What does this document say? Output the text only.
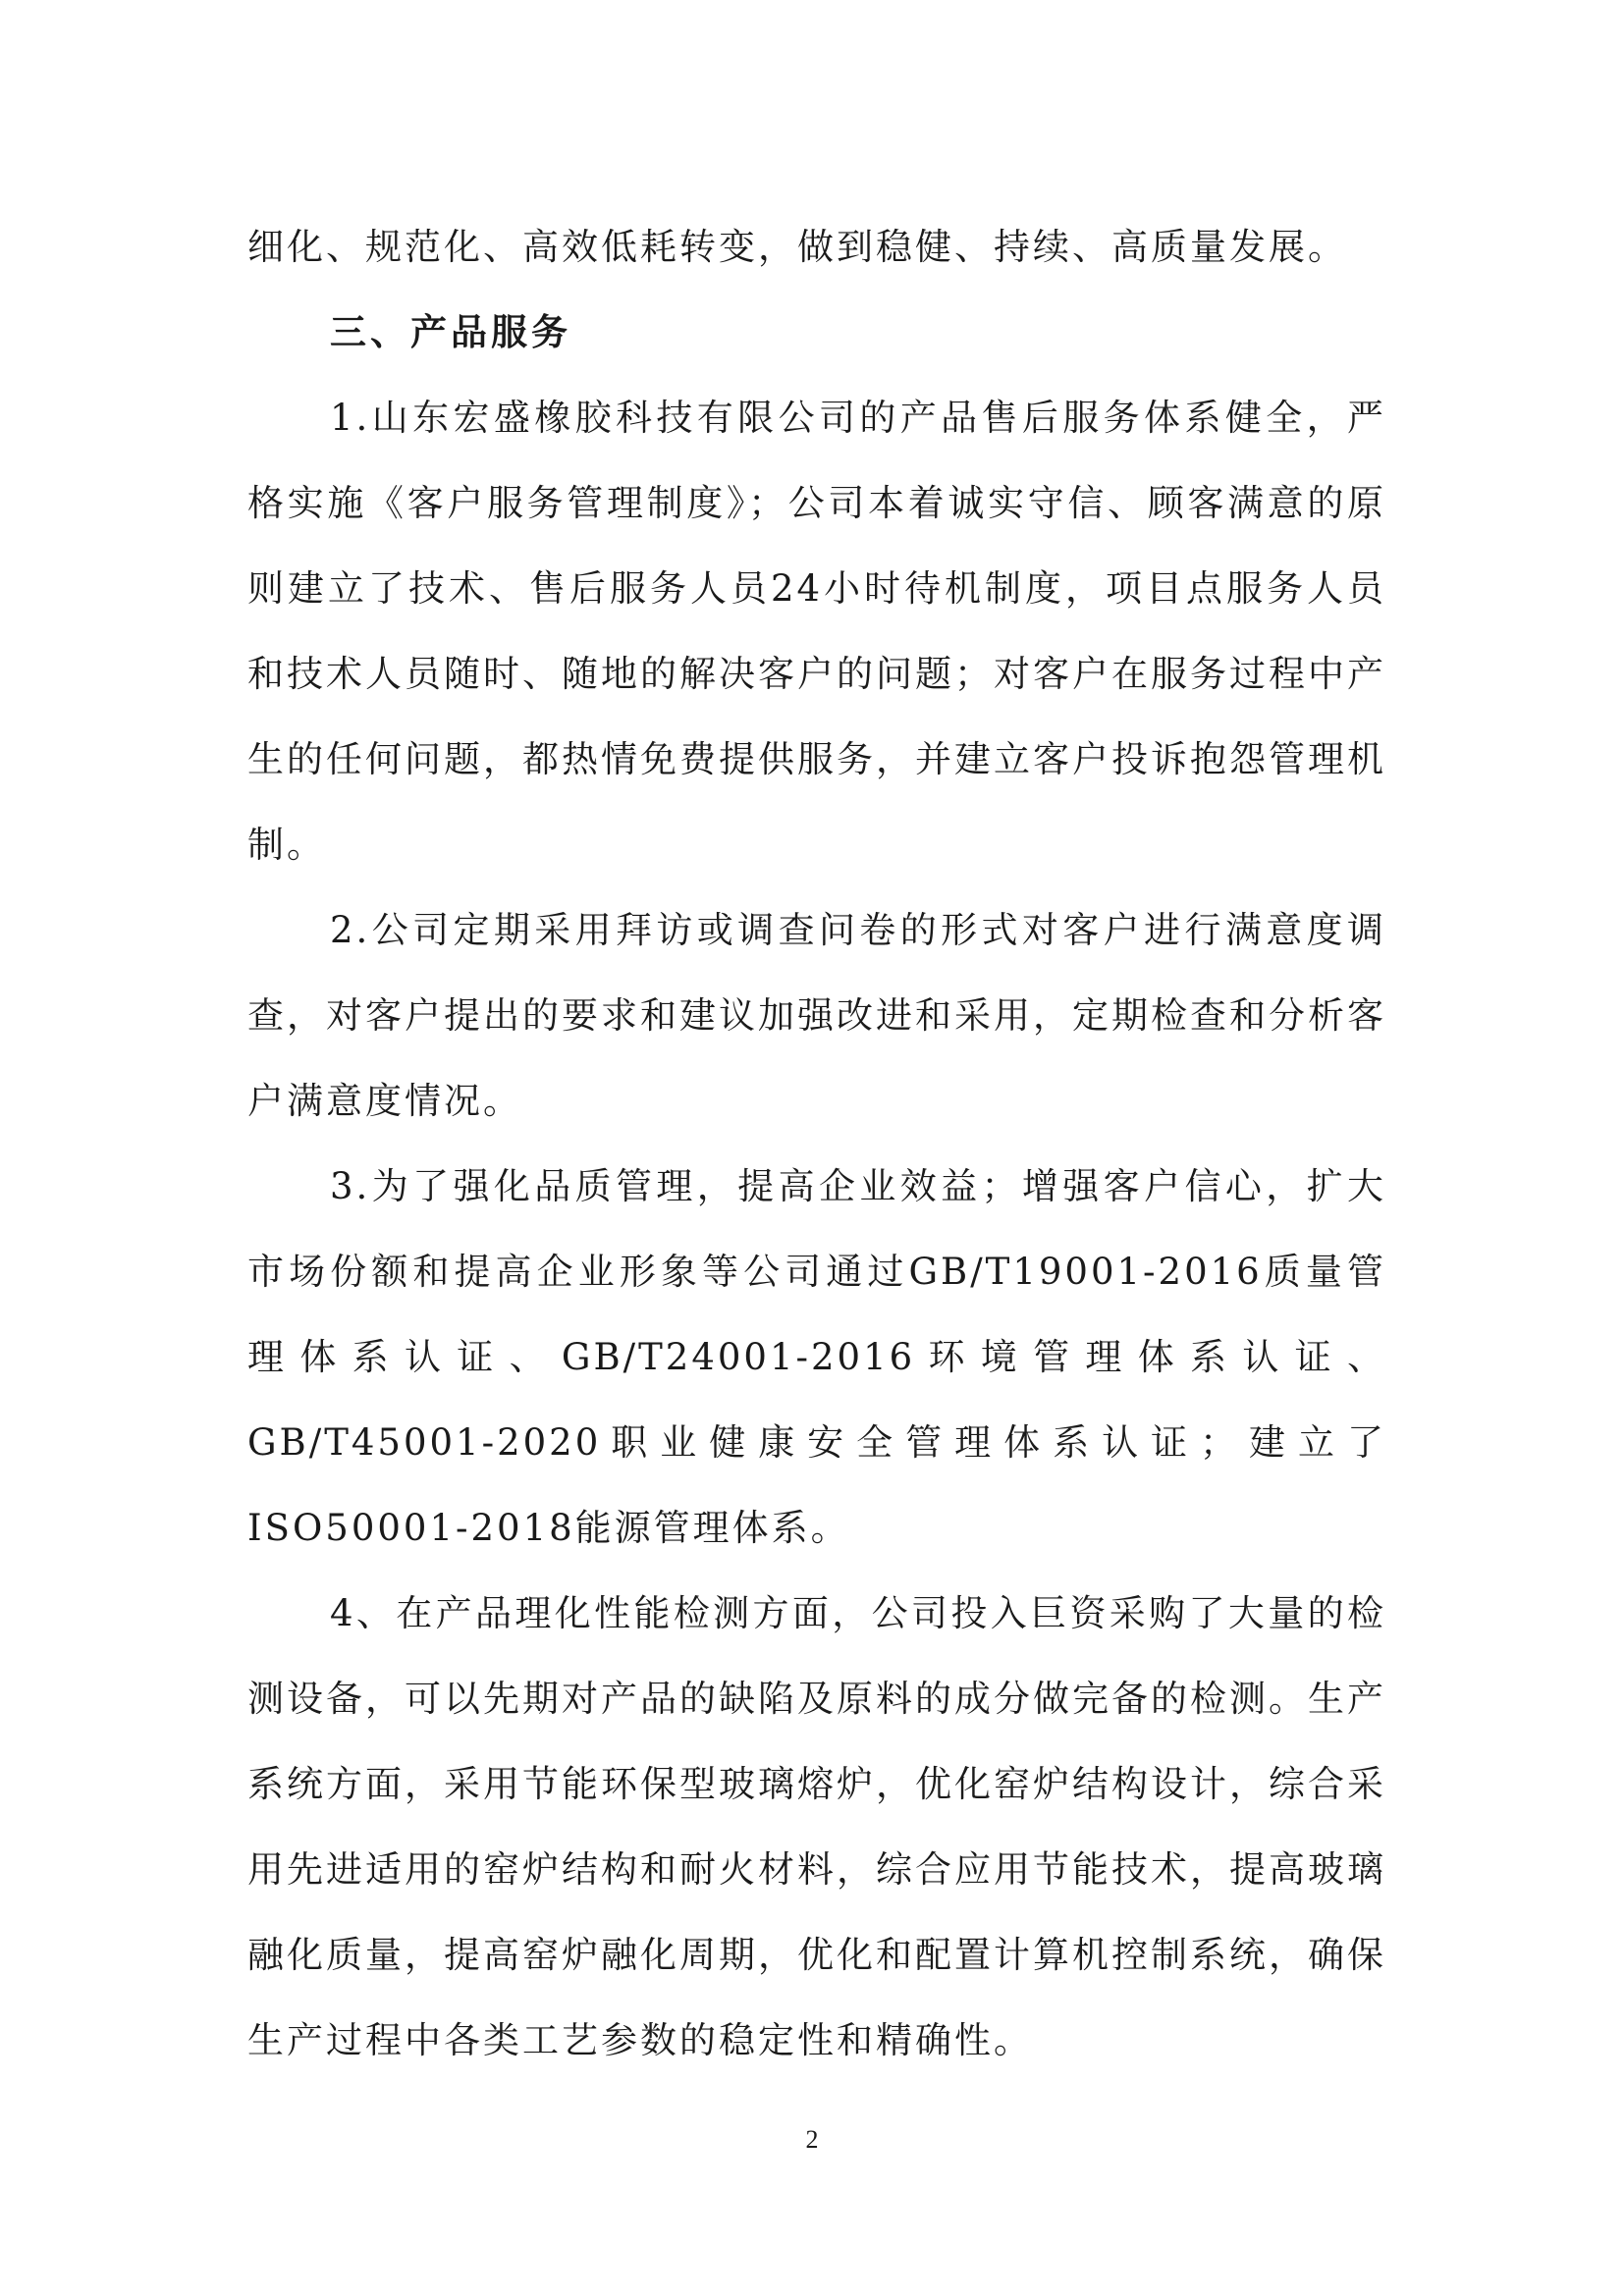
细化、规范化、高效低耗转变，做到稳健、持续、高质量发展。

三、产品服务

1.山东宏盛橡胶科技有限公司的产品售后服务体系健全，严格实施《客户服务管理制度》；公司本着诚实守信、顾客满意的原则建立了技术、售后服务人员24小时待机制度，项目点服务人员和技术人员随时、随地的解决客户的问题；对客户在服务过程中产生的任何问题，都热情免费提供服务，并建立客户投诉抱怨管理机制。

2.公司定期采用拜访或调查问卷的形式对客户进行满意度调查，对客户提出的要求和建议加强改进和采用，定期检查和分析客户满意度情况。

3.为了强化品质管理，提高企业效益；增强客户信心，扩大市场份额和提高企业形象等公司通过GB/T19001-2016质量管理体系认证、GB/T24001-2016环境管理体系认证、GB/T45001-2020职业健康安全管理体系认证；建立了ISO50001-2018能源管理体系。

4、在产品理化性能检测方面，公司投入巨资采购了大量的检测设备，可以先期对产品的缺陷及原料的成分做完备的检测。生产系统方面，采用节能环保型玻璃熔炉，优化窑炉结构设计，综合采用先进适用的窑炉结构和耐火材料，综合应用节能技术，提高玻璃融化质量，提高窑炉融化周期，优化和配置计算机控制系统，确保生产过程中各类工艺参数的稳定性和精确性。

2
